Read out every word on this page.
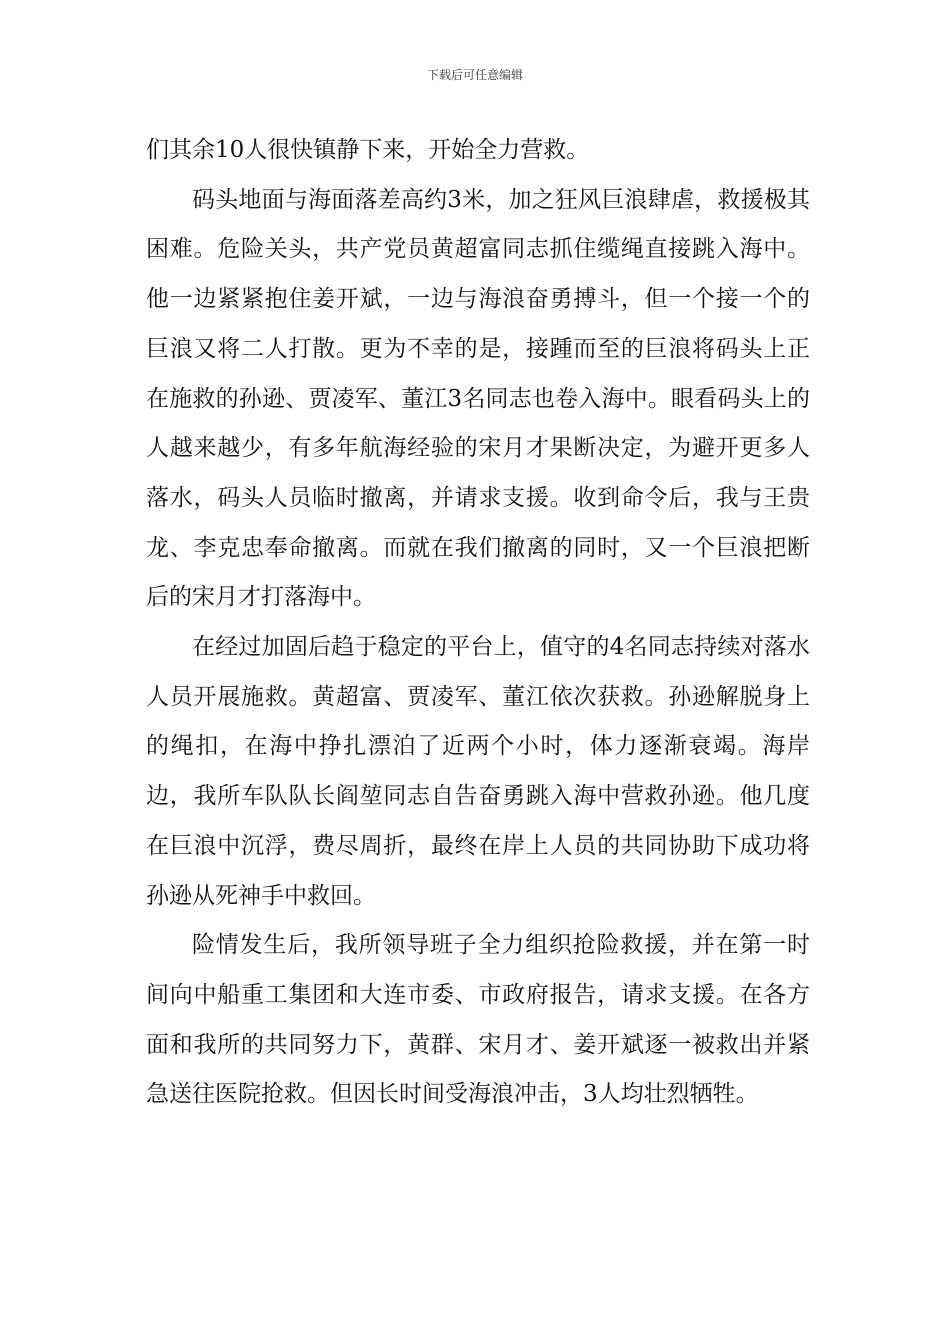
下载后可任意编辑

们其余10人很快镇静下来，开始全力营救。

码头地面与海面落差高约3米，加之狂风巨浪肆虐，救援极其困难。危险关头，共产党员黄超富同志抓住缆绳直接跳入海中。他一边紧紧抱住姜开斌，一边与海浪奋勇搏斗，但一个接一个的巨浪又将二人打散。更为不幸的是，接踵而至的巨浪将码头上正在施救的孙逊、贾凌军、董江3名同志也卷入海中。眼看码头上的人越来越少，有多年航海经验的宋月才果断决定，为避开更多人落水，码头人员临时撤离，并请求支援。收到命令后，我与王贵龙、李克忠奉命撤离。而就在我们撤离的同时，又一个巨浪把断后的宋月才打落海中。

在经过加固后趋于稳定的平台上，值守的4名同志持续对落水人员开展施救。黄超富、贾凌军、董江依次获救。孙逊解脱身上的绳扣，在海中挣扎漂泊了近两个小时，体力逐渐衰竭。海岸边，我所车队队长阎堃同志自告奋勇跳入海中营救孙逊。他几度在巨浪中沉浮，费尽周折，最终在岸上人员的共同协助下成功将孙逊从死神手中救回。

险情发生后，我所领导班子全力组织抢险救援，并在第一时间向中船重工集团和大连市委、市政府报告，请求支援。在各方面和我所的共同努力下，黄群、宋月才、姜开斌逐一被救出并紧急送往医院抢救。但因长时间受海浪冲击，3人均壮烈牺牲。
